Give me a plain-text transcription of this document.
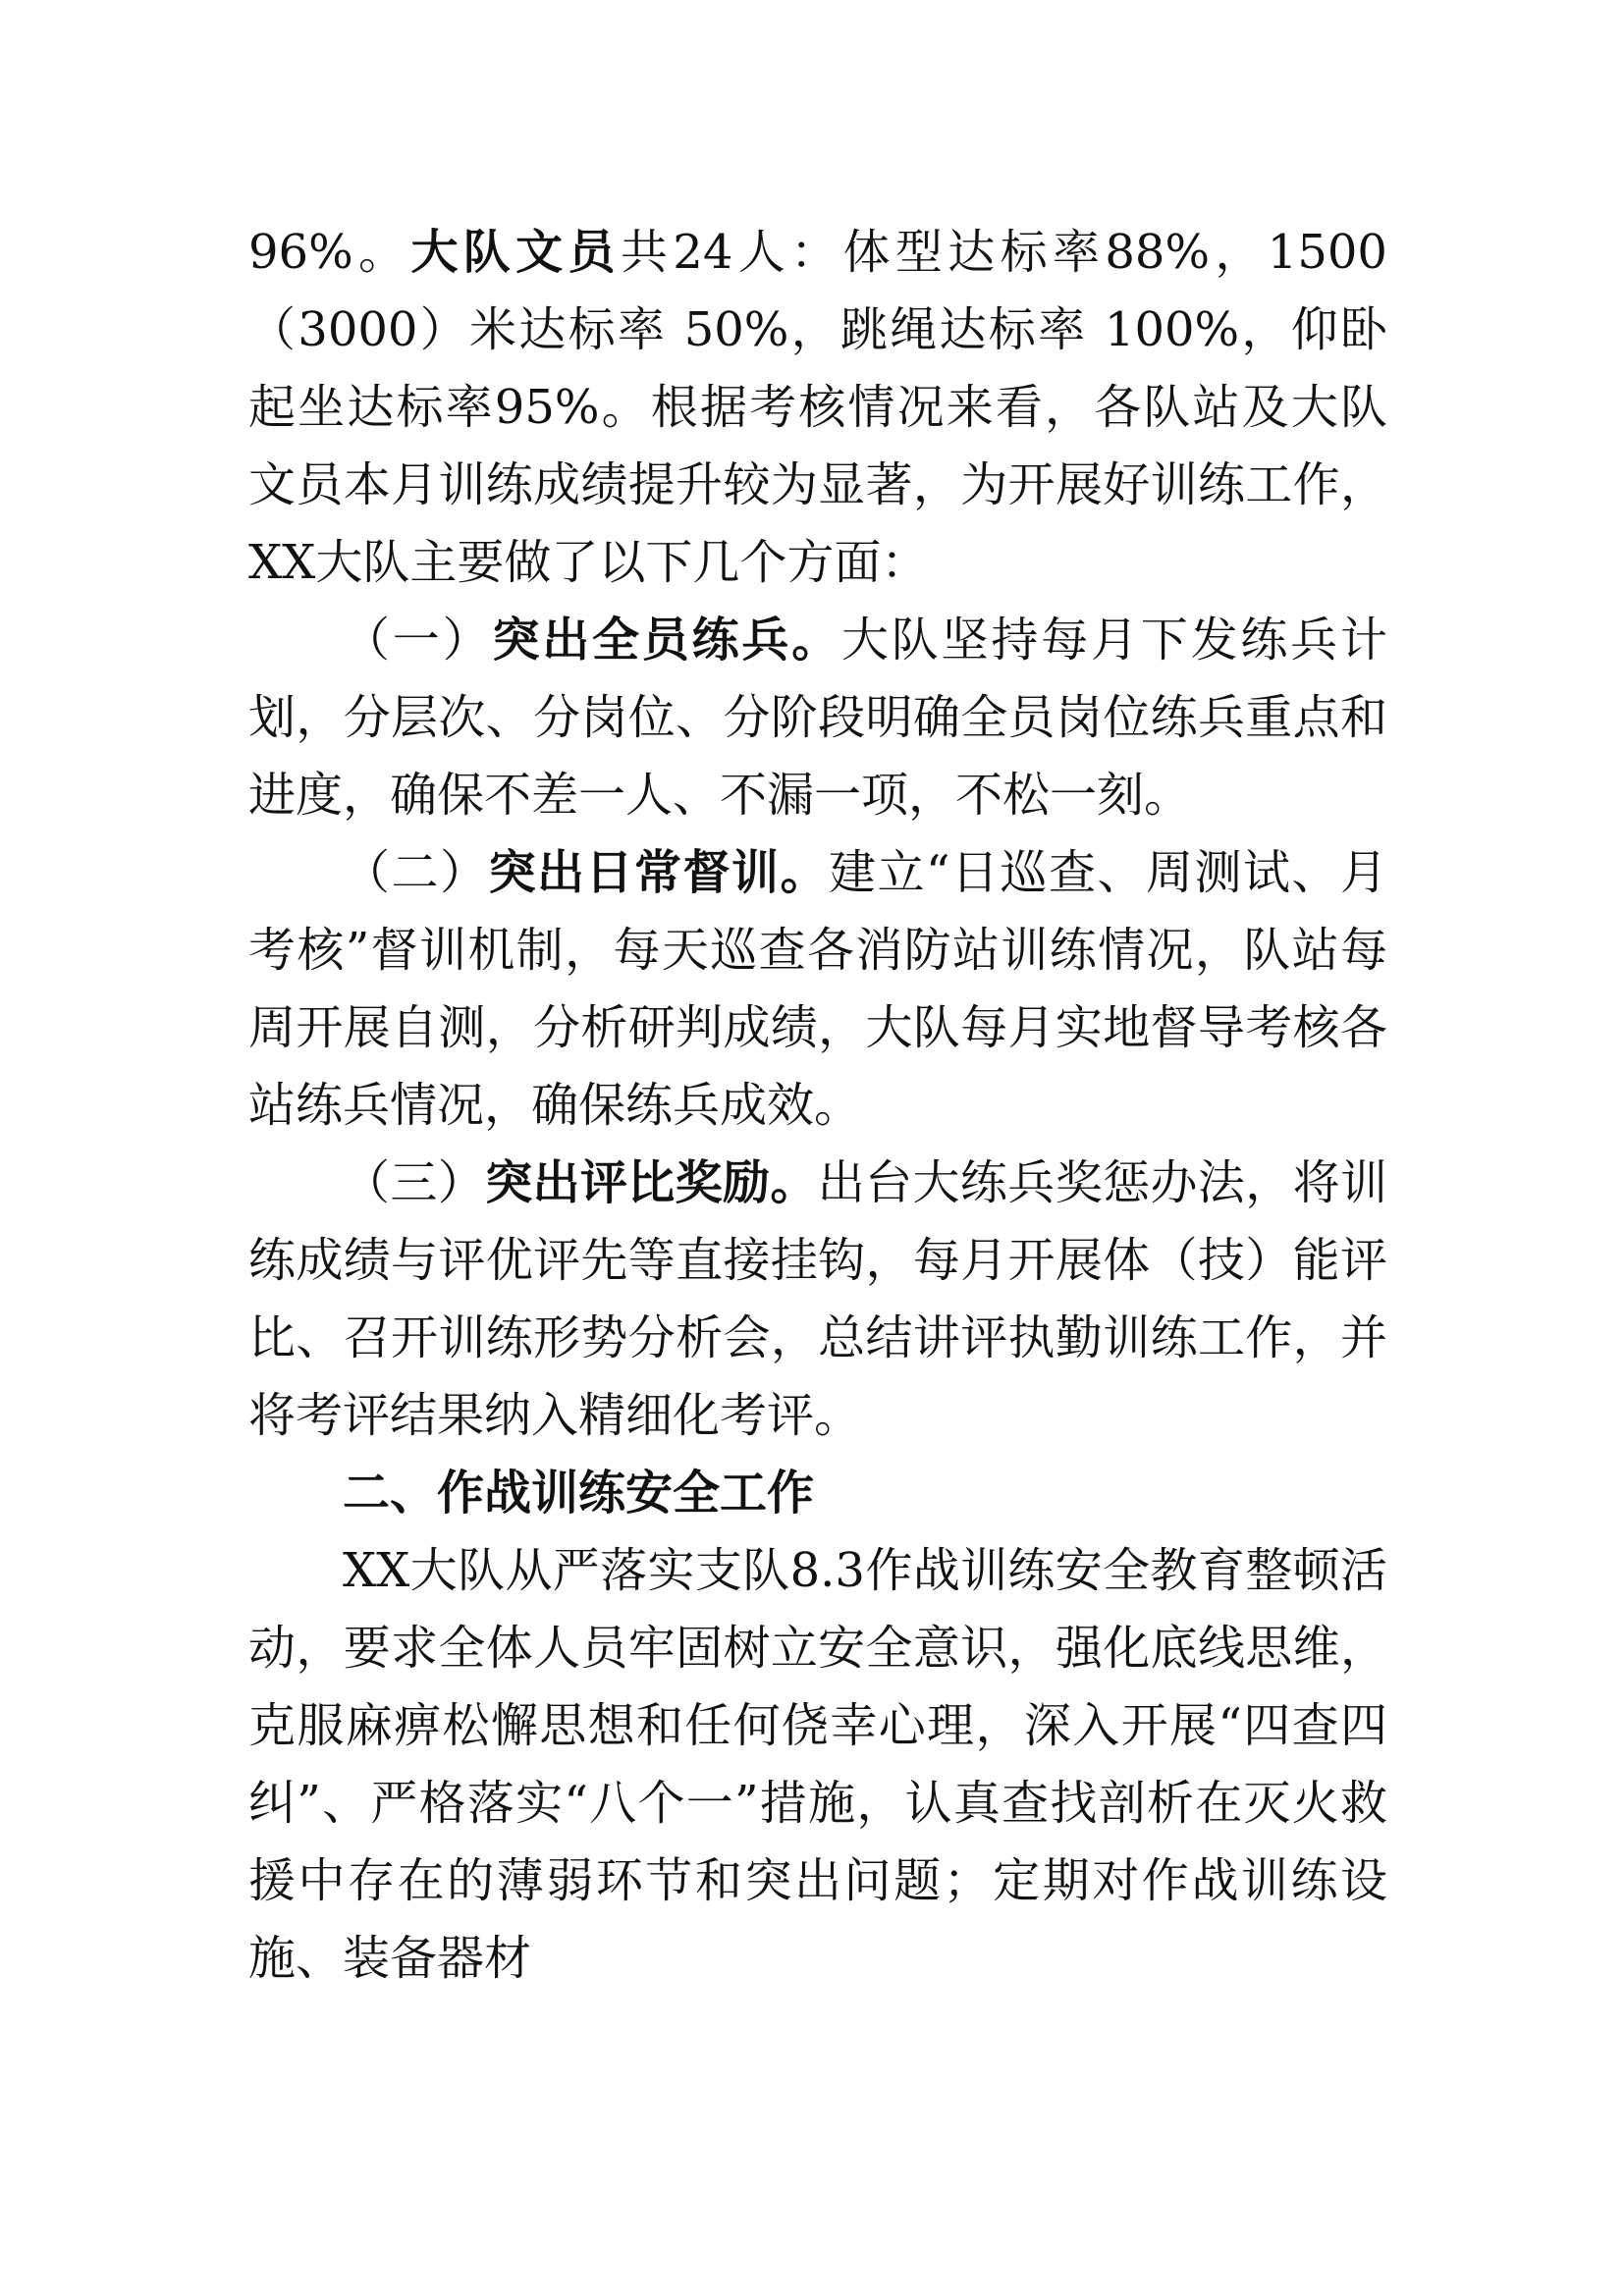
96%。大队文员共24人：体型达标率88%，1500（3000）米达标率 50%，跳绳达标率 100%，仰卧起坐达标率95%。根据考核情况来看，各队站及大队文员本月训练成绩提升较为显著，为开展好训练工作，XX大队主要做了以下几个方面：

（一）突出全员练兵。大队坚持每月下发练兵计划，分层次、分岗位、分阶段明确全员岗位练兵重点和进度，确保不差一人、不漏一项，不松一刻。

（二）突出日常督训。建立“日巡查、周测试、月考核”督训机制，每天巡查各消防站训练情况，队站每周开展自测，分析研判成绩，大队每月实地督导考核各站练兵情况，确保练兵成效。

（三）突出评比奖励。出台大练兵奖惩办法，将训练成绩与评优评先等直接挂钩，每月开展体（技）能评比、召开训练形势分析会，总结讲评执勤训练工作，并将考评结果纳入精细化考评。

二、作战训练安全工作

XX大队从严落实支队8.3作战训练安全教育整顿活动，要求全体人员牢固树立安全意识，强化底线思维，克服麻痹松懈思想和任何侥幸心理，深入开展“四查四纠”、严格落实“八个一”措施，认真查找剖析在灭火救援中存在的薄弱环节和突出问题；定期对作战训练设施、装备器材
